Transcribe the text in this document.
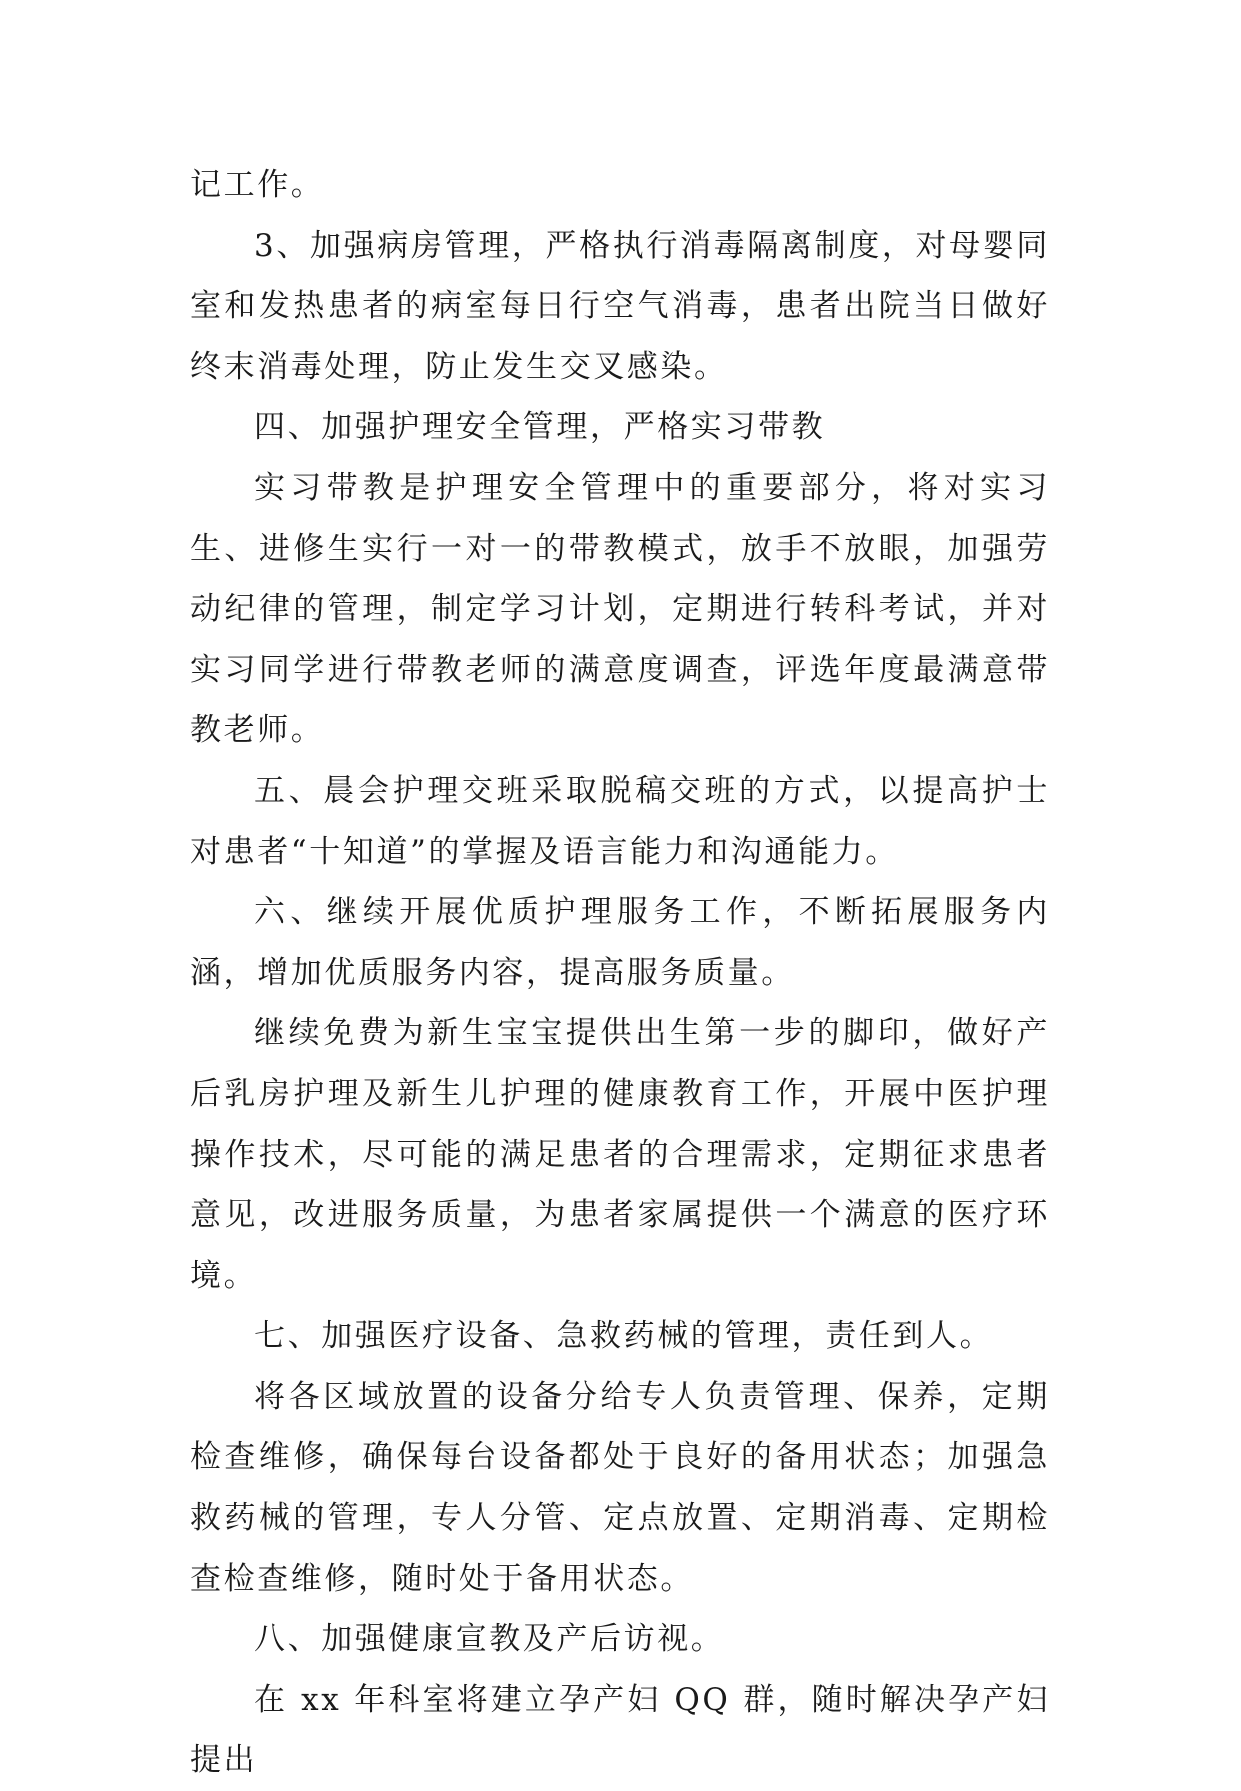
记工作。

3、加强病房管理，严格执行消毒隔离制度，对母婴同室和发热患者的病室每日行空气消毒，患者出院当日做好终末消毒处理，防止发生交叉感染。

四、加强护理安全管理，严格实习带教

实习带教是护理安全管理中的重要部分，将对实习生、进修生实行一对一的带教模式，放手不放眼，加强劳动纪律的管理，制定学习计划，定期进行转科考试，并对实习同学进行带教老师的满意度调查，评选年度最满意带教老师。

五、晨会护理交班采取脱稿交班的方式，以提高护士对患者“十知道”的掌握及语言能力和沟通能力。

六、继续开展优质护理服务工作，不断拓展服务内涵，增加优质服务内容，提高服务质量。

继续免费为新生宝宝提供出生第一步的脚印，做好产后乳房护理及新生儿护理的健康教育工作，开展中医护理操作技术，尽可能的满足患者的合理需求，定期征求患者意见，改进服务质量，为患者家属提供一个满意的医疗环境。

七、加强医疗设备、急救药械的管理，责任到人。

将各区域放置的设备分给专人负责管理、保养，定期检查维修，确保每台设备都处于良好的备用状态；加强急救药械的管理，专人分管、定点放置、定期消毒、定期检查检查维修，随时处于备用状态。

八、加强健康宣教及产后访视。

在 xx 年科室将建立孕产妇 QQ 群，随时解决孕产妇提出
